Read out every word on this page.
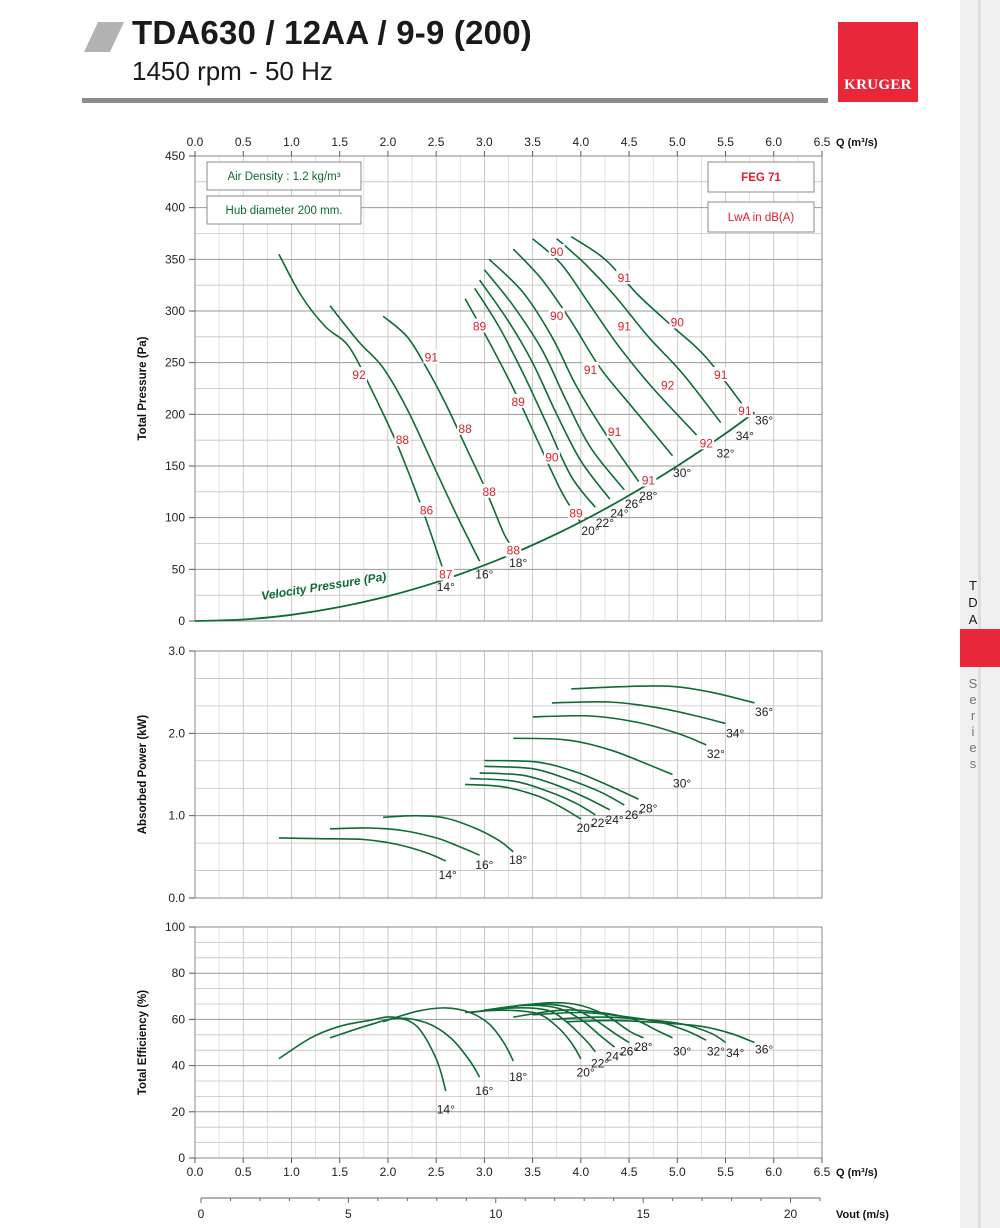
TDA630 / 12AA / 9-9 (200)
1450 rpm - 50 Hz	KRUGER
T
D
A
S
e
r
i
e
s
0
50
100
150
200
250
300
350
400
450
Total Pressure (Pa)
0.0	0.5	1.0	1.5	2.0	2.5	3.0	3.5	4.0	4.5	5.0	5.5	6.0	6.5 Q (m³/s)
Velocity Pressure (Pa)
Air Density : 1.2 kg/m³
Hub diameter 200 mm.
FEG 71
LwA in dB(A)
92
88
86
87
91
88
88
88
89
89
90
89
90
90
91
91
91
91
91
92
92
90
91
91
14°
16°
18°
20°
22°
24°
26°
28°
30°
32°
34°
36°
0.0
1.0
2.0
3.0
Absorbed Power (kW)
14°
16° 18°
20°
22°
24° 26°
28°
30°
32°
34°
36°
0
20
40
60
80
100
Total Efficiency (%)
0.0	0.5	1.0	1.5	2.0	2.5	3.0	3.5	4.0	4.5	5.0	5.5	6.0	6.5 Q (m³/s)
14°
16°
18°	20°
22°
24°
26°
28° 30° 32° 34° 36°
0	5	10	15	20	Vout (m/s)
